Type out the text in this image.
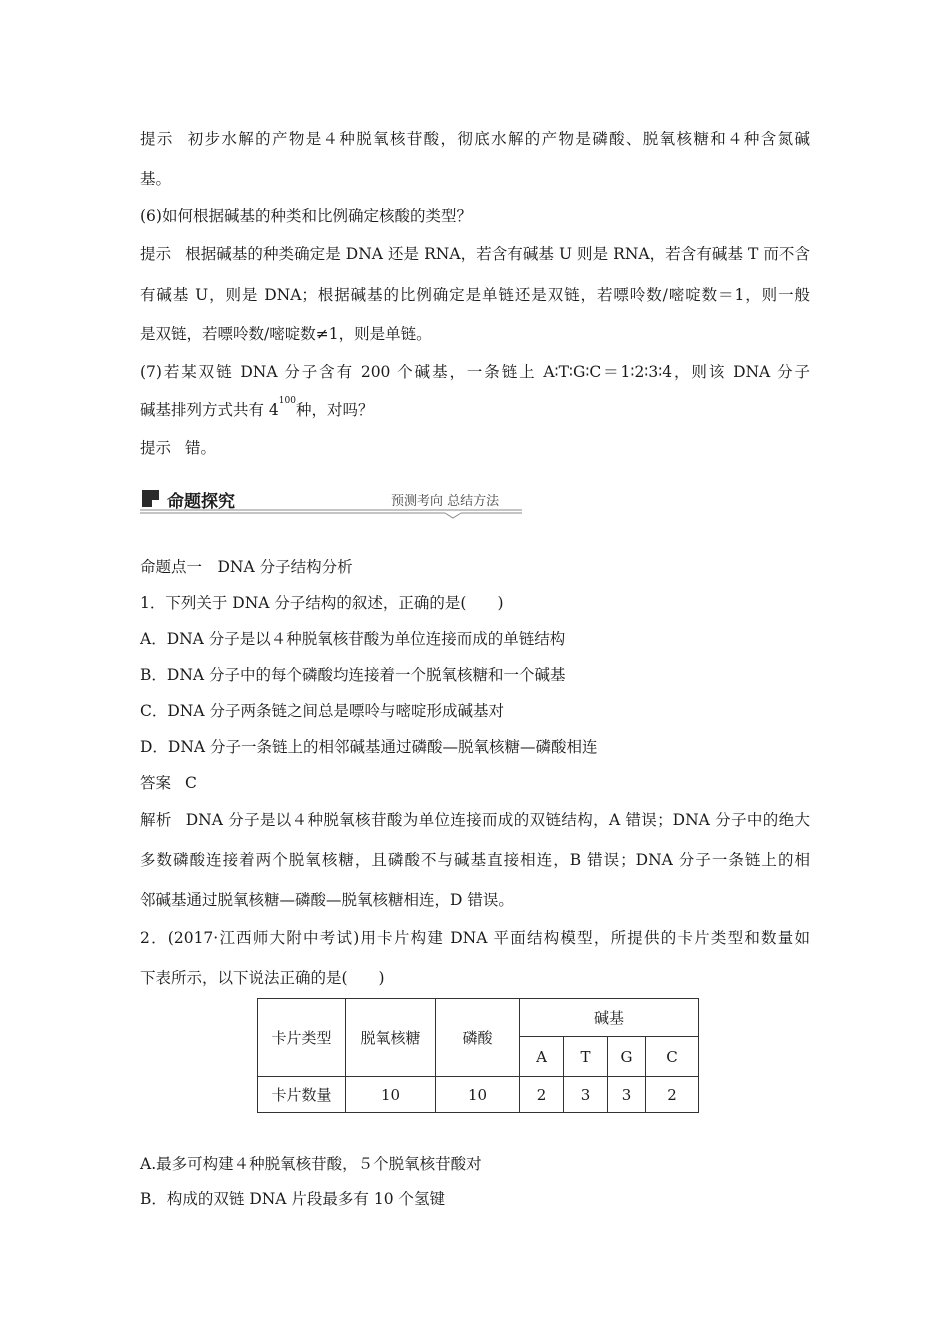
提示 初步水解的产物是４种脱氧核苷酸，彻底水解的产物是磷酸、脱氧核糖和４种含氮碱
基。
(6)如何根据碱基的种类和比例确定核酸的类型？
提示 根据碱基的种类确定是 DNA 还是 RNA，若含有碱基 U 则是 RNA，若含有碱基 T 而不含
有碱基 U，则是 DNA；根据碱基的比例确定是单链还是双链，若嘌呤数/嘧啶数＝1，则一般
是双链，若嘌呤数/嘧啶数≠1，则是单链。
(7)若某双链 DNA 分子含有 200 个碱基，一条链上 A∶T∶G∶C＝1∶2∶3∶4，则该 DNA 分子
碱基排列方式共有 $4^{100}$种，对吗？
提示 错。
命题探究	预测考向 总结方法
命题点一　DNA 分子结构分析
1．下列关于 DNA 分子结构的叙述，正确的是(　　)
A．DNA 分子是以４种脱氧核苷酸为单位连接而成的单链结构
B．DNA 分子中的每个磷酸均连接着一个脱氧核糖和一个碱基
C．DNA 分子两条链之间总是嘌呤与嘧啶形成碱基对
D．DNA 分子一条链上的相邻碱基通过磷酸—脱氧核糖—磷酸相连
答案 C
解析 DNA 分子是以４种脱氧核苷酸为单位连接而成的双链结构，A 错误；DNA 分子中的绝大
多数磷酸连接着两个脱氧核糖，且磷酸不与碱基直接相连，B 错误；DNA 分子一条链上的相
邻碱基通过脱氧核糖—磷酸—脱氧核糖相连，D 错误。
2．(2017·江西师大附中考试)用卡片构建 DNA 平面结构模型，所提供的卡片类型和数量如
下表所示，以下说法正确的是(　　)
卡片类型	脱氧核糖	磷酸	碱基			
			A	T	G	C
卡片数量	10	10	2	3	3	2
A.最多可构建４种脱氧核苷酸，５个脱氧核苷酸对
B．构成的双链 DNA 片段最多有 10 个氢键
